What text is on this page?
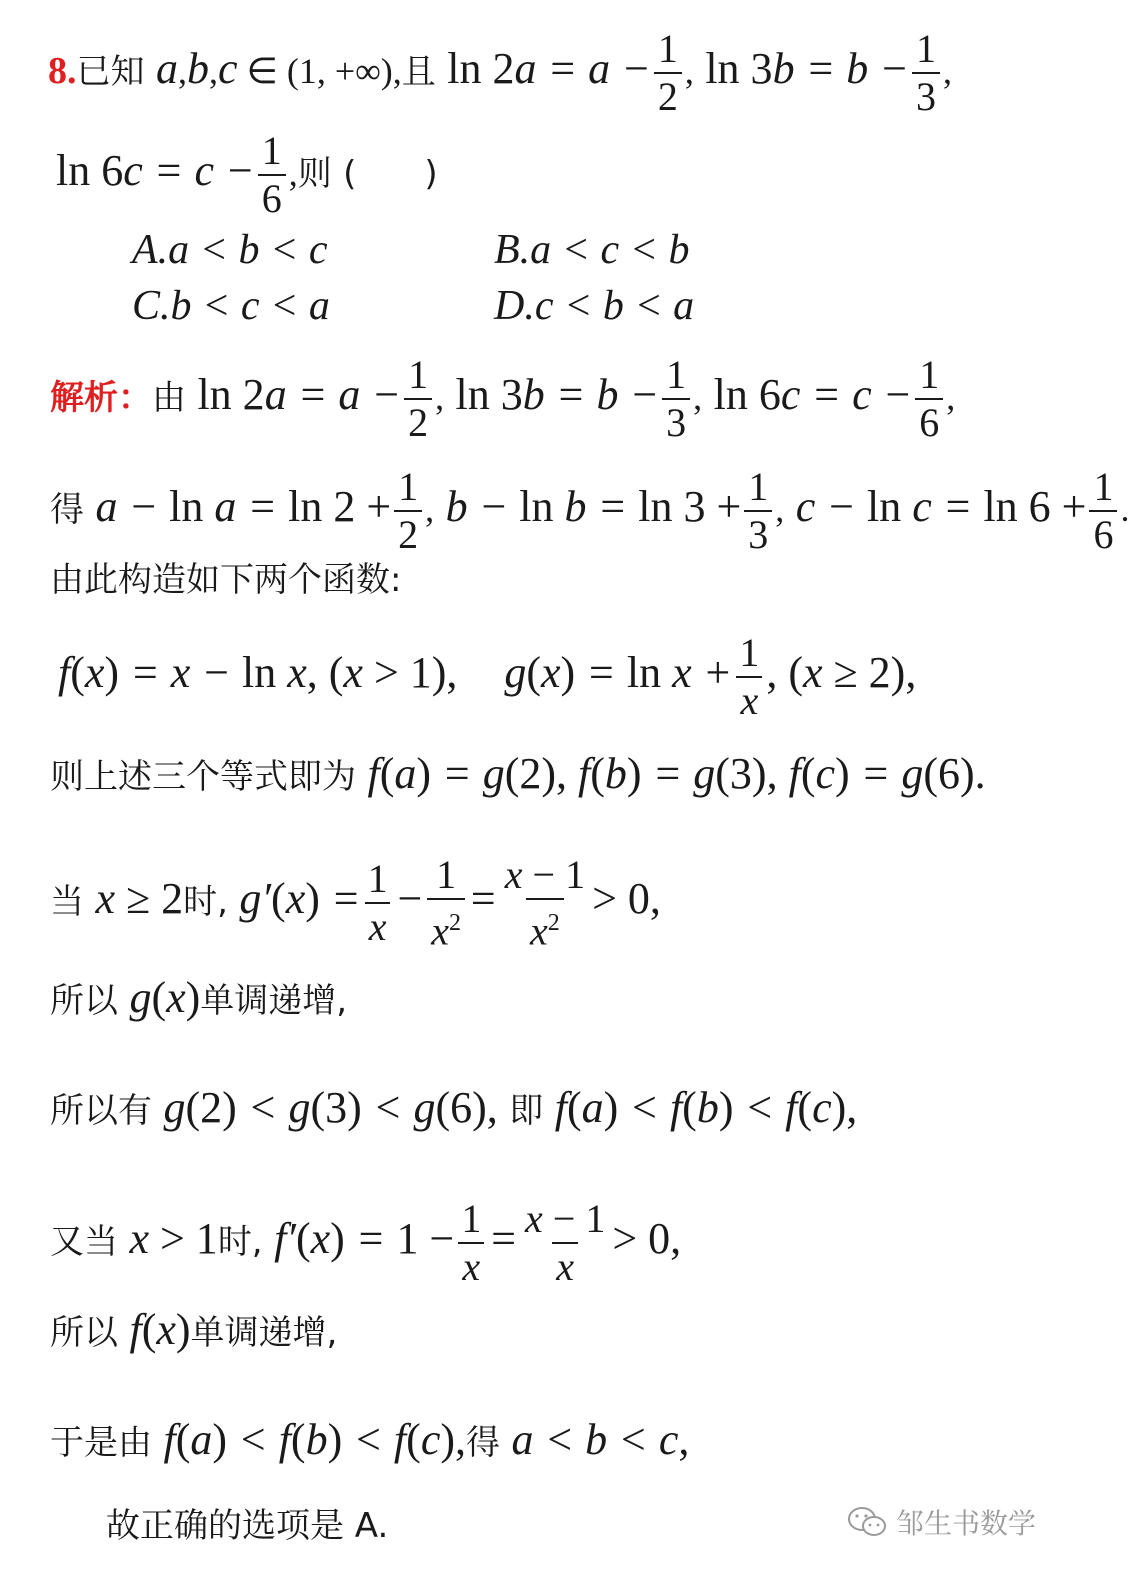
8.已知 a,b,c ∈ (1, +∞),且 $\ln 2a = a - \frac{1}{2}$ , $\ln 3b = b - \frac{1}{3}$ ,
$\ln 6c = c - \frac{1}{6}$ ,则 (　　)
A.a < b < c	B.a < c < b
C.b < c < a	D.c < b < a
解析：由 $\ln 2a = a - \frac{1}{2}$ , $\ln 3b = b - \frac{1}{3}$ , $\ln 6c = c - \frac{1}{6}$ ,
得 $a - \ln a = \ln 2 + \frac{1}{2}$ , $b - \ln b = \ln 3 + \frac{1}{3}$ , $c - \ln c = \ln 6 + \frac{1}{6}$ .
由此构造如下两个函数:
f(x) = x − ln x, (x > 1), $g(x) = \ln x + \frac{1}{x}$ , (x ≥ 2),
则上述三个等式即为 f(a) = g(2), f(b) = g(3), f(c) = g(6).
当 x ≥ 2时, $g'(x) = \frac{1}{x} - \frac{1}{x^2} = \frac{x - 1}{x^2} > 0$,
所以 g(x)单调递增,
所以有 g(2) < g(3) < g(6), 即 f(a) < f(b) < f(c),
又当 x > 1时, $f'(x) = 1 - \frac{1}{x} = \frac{x - 1}{x} > 0$,
所以 f(x)单调递增,
于是由 f(a) < f(b) < f(c),得 a < b < c,
故正确的选项是 A.	邹生书数学
